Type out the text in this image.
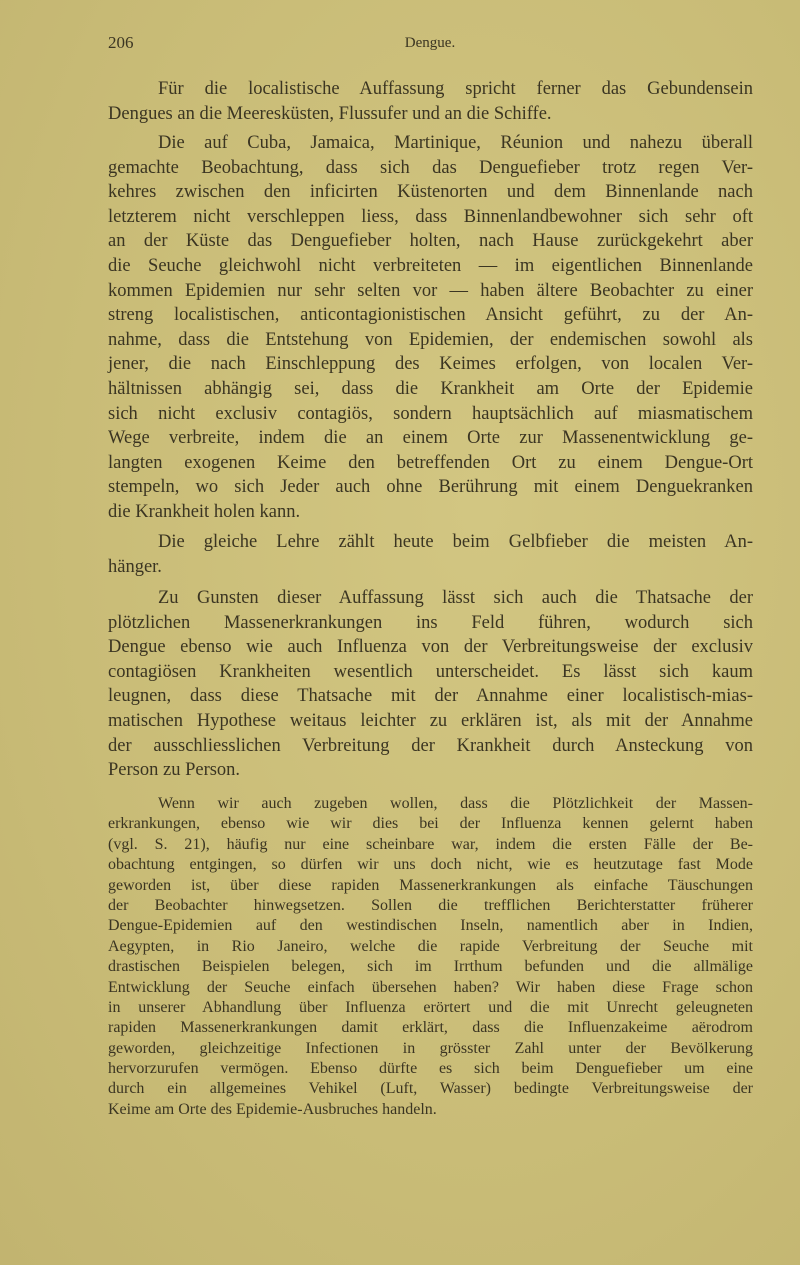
206	Dengue.
Für die localistische Auffassung spricht ferner das Gebundensein
Dengues an die Meeresküsten, Flussufer und an die Schiffe.
Die auf Cuba, Jamaica, Martinique, Réunion und nahezu überall
gemachte Beobachtung, dass sich das Denguefieber trotz regen Ver-
kehres zwischen den inficirten Küstenorten und dem Binnenlande nach
letzterem nicht verschleppen liess, dass Binnenlandbewohner sich sehr oft
an der Küste das Denguefieber holten, nach Hause zurückgekehrt aber
die Seuche gleichwohl nicht verbreiteten — im eigentlichen Binnenlande
kommen Epidemien nur sehr selten vor — haben ältere Beobachter zu einer
streng localistischen, anticontagionistischen Ansicht geführt, zu der An-
nahme, dass die Entstehung von Epidemien, der endemischen sowohl als
jener, die nach Einschleppung des Keimes erfolgen, von localen Ver-
hältnissen abhängig sei, dass die Krankheit am Orte der Epidemie
sich nicht exclusiv contagiös, sondern hauptsächlich auf miasmatischem
Wege verbreite, indem die an einem Orte zur Massenentwicklung ge-
langten exogenen Keime den betreffenden Ort zu einem Dengue-Ort
stempeln, wo sich Jeder auch ohne Berührung mit einem Denguekranken
die Krankheit holen kann.
Die gleiche Lehre zählt heute beim Gelbfieber die meisten An-
hänger.
Zu Gunsten dieser Auffassung lässt sich auch die Thatsache der
plötzlichen Massenerkrankungen ins Feld führen, wodurch sich
Dengue ebenso wie auch Influenza von der Verbreitungsweise der exclusiv
contagiösen Krankheiten wesentlich unterscheidet. Es lässt sich kaum
leugnen, dass diese Thatsache mit der Annahme einer localistisch-mias-
matischen Hypothese weitaus leichter zu erklären ist, als mit der Annahme
der ausschliesslichen Verbreitung der Krankheit durch Ansteckung von
Person zu Person.
Wenn wir auch zugeben wollen, dass die Plötzlichkeit der Massen-
erkrankungen, ebenso wie wir dies bei der Influenza kennen gelernt haben
(vgl. S. 21), häufig nur eine scheinbare war, indem die ersten Fälle der Be-
obachtung entgingen, so dürfen wir uns doch nicht, wie es heutzutage fast Mode
geworden ist, über diese rapiden Massenerkrankungen als einfache Täuschungen
der Beobachter hinwegsetzen. Sollen die trefflichen Berichterstatter früherer
Dengue-Epidemien auf den westindischen Inseln, namentlich aber in Indien,
Aegypten, in Rio Janeiro, welche die rapide Verbreitung der Seuche mit
drastischen Beispielen belegen, sich im Irrthum befunden und die allmälige
Entwicklung der Seuche einfach übersehen haben? Wir haben diese Frage schon
in unserer Abhandlung über Influenza erörtert und die mit Unrecht geleugneten
rapiden Massenerkrankungen damit erklärt, dass die Influenzakeime aërodrom
geworden, gleichzeitige Infectionen in grösster Zahl unter der Bevölkerung
hervorzurufen vermögen. Ebenso dürfte es sich beim Denguefieber um eine
durch ein allgemeines Vehikel (Luft, Wasser) bedingte Verbreitungsweise der
Keime am Orte des Epidemie-Ausbruches handeln.
